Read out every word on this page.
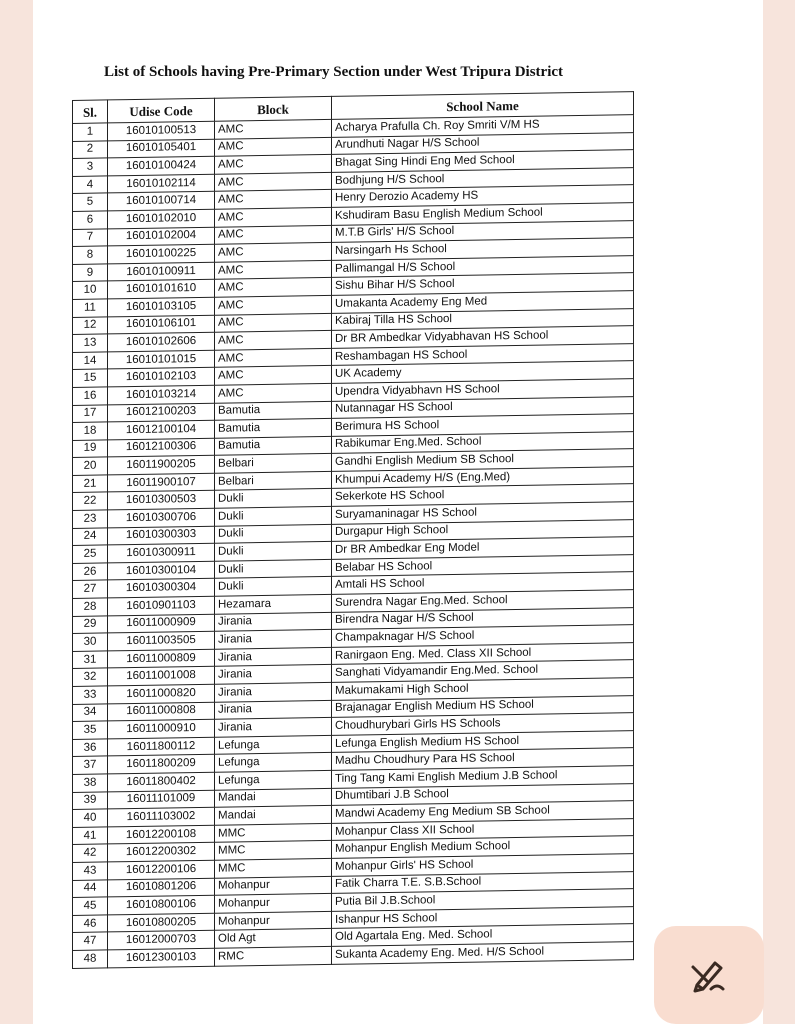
List of Schools having Pre-Primary Section under West Tripura District
Sl.	Udise Code	Block	School Name
1	16010100513	AMC	Acharya Prafulla Ch. Roy Smriti V/M HS
2	16010105401	AMC	Arundhuti Nagar H/S School
3	16010100424	AMC	Bhagat Sing Hindi Eng Med School
4	16010102114	AMC	Bodhjung H/S School
5	16010100714	AMC	Henry Derozio Academy HS
6	16010102010	AMC	Kshudiram Basu English Medium School
7	16010102004	AMC	M.T.B Girls' H/S School
8	16010100225	AMC	Narsingarh Hs School
9	16010100911	AMC	Pallimangal H/S School
10	16010101610	AMC	Sishu Bihar H/S School
11	16010103105	AMC	Umakanta Academy Eng Med
12	16010106101	AMC	Kabiraj Tilla HS School
13	16010102606	AMC	Dr BR Ambedkar Vidyabhavan HS School
14	16010101015	AMC	Reshambagan HS School
15	16010102103	AMC	UK Academy
16	16010103214	AMC	Upendra Vidyabhavn HS School
17	16012100203	Bamutia	Nutannagar HS School
18	16012100104	Bamutia	Berimura HS School
19	16012100306	Bamutia	Rabikumar Eng.Med. School
20	16011900205	Belbari	Gandhi English Medium SB School
21	16011900107	Belbari	Khumpui Academy H/S (Eng.Med)
22	16010300503	Dukli	Sekerkote HS School
23	16010300706	Dukli	Suryamaninagar HS School
24	16010300303	Dukli	Durgapur High School
25	16010300911	Dukli	Dr BR Ambedkar Eng Model
26	16010300104	Dukli	Belabar HS School
27	16010300304	Dukli	Amtali HS School
28	16010901103	Hezamara	Surendra Nagar Eng.Med. School
29	16011000909	Jirania	Birendra Nagar H/S School
30	16011003505	Jirania	Champaknagar H/S School
31	16011000809	Jirania	Ranirgaon Eng. Med. Class XII School
32	16011001008	Jirania	Sanghati Vidyamandir Eng.Med. School
33	16011000820	Jirania	Makumakami High School
34	16011000808	Jirania	Brajanagar English Medium HS School
35	16011000910	Jirania	Choudhurybari Girls HS Schools
36	16011800112	Lefunga	Lefunga English Medium HS School
37	16011800209	Lefunga	Madhu Choudhury Para HS School
38	16011800402	Lefunga	Ting Tang Kami English Medium J.B School
39	16011101009	Mandai	Dhumtibari J.B School
40	16011103002	Mandai	Mandwi Academy Eng Medium SB School
41	16012200108	MMC	Mohanpur Class XII School
42	16012200302	MMC	Mohanpur English Medium School
43	16012200106	MMC	Mohanpur Girls' HS School
44	16010801206	Mohanpur	Fatik Charra T.E. S.B.School
45	16010800106	Mohanpur	Putia Bil J.B.School
46	16010800205	Mohanpur	Ishanpur HS School
47	16012000703	Old Agt	Old Agartala Eng. Med. School
48	16012300103	RMC	Sukanta Academy Eng. Med. H/S School
